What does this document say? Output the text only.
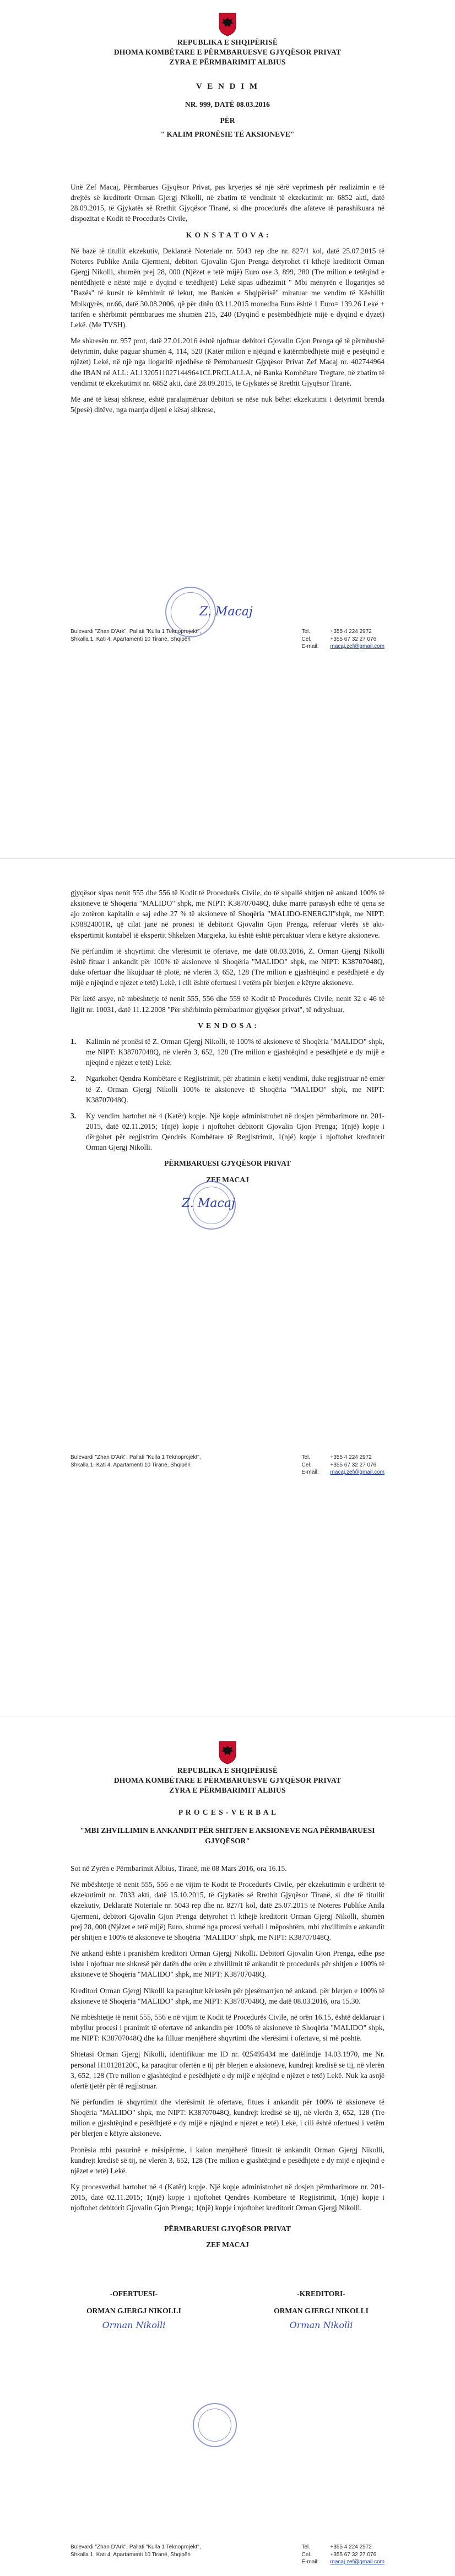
REPUBLIKA E SHQIPËRISË

DHOMA KOMBËTARE E PËRMBARUESVE GJYQËSOR PRIVAT

ZYRA E PËRMBARIMIT ALBIUS

V E N D I M
NR. 999, DATË 08.03.2016
PËR
" KALIM PRONËSIE TË AKSIONEVE"

Unë Zef Macaj, Përmbarues Gjyqësor Privat, pas kryerjes së një sërë veprimesh për realizimin e të drejtës së kreditorit Orman Gjergj Nikolli, në zbatim të vendimit të ekzekutimit nr. 6852 akti, datë 28.09.2015, të Gjykatës së Rrethit Gjyqësor Tiranë, si dhe procedurës dhe afateve të parashikuara në dispozitat e Kodit të Procedurës Civile,

K O N S T A T O V A :

Në bazë të titullit ekzekutiv, Deklaratë Noteriale nr. 5043 rep dhe nr. 827/1 kol, datë 25.07.2015 të Noteres Publike Anila Gjermeni, debitori Gjovalin Gjon Prenga detyrohet t'i kthejë kreditorit Orman Gjergj Nikolli, shumën prej 28, 000 (Njëzet e tetë mijë) Euro ose 3, 899, 280 (Tre milion e tetëqind e nëntëdhjetë e nëntë mijë e dyqind e tetëdhjetë) Lekë sipas udhëzimit " Mbi mënyrën e llogaritjes së "Bazës" të kursit të këmbimit të lekut, me Bankën e Shqipërisë" miratuar me vendim të Këshillit Mbikqyrës, nr.66, datë 30.08.2006, që për ditën 03.11.2015 monedha Euro është 1 Euro= 139.26 Lekë + tarifën e shërbimit përmbarues me shumën 215, 240 (Dyqind e pesëmbëdhjetë mijë e dyqind e dyzet) Lekë. (Me TVSH).

Me shkresën nr. 957 prot, datë 27.01.2016 është njoftuar debitori Gjovalin Gjon Prenga që të përmbushë detyrimin, duke paguar shumën 4, 114, 520 (Katër milion e njëqind e katërmbëdhjetë mijë e pesëqind e njëzet) Lekë, në një nga llogaritë rrjedhëse të Përmbaruesit Gjyqësor Privat Zef Macaj nr. 402744964 dhe IBAN në ALL: AL13205110271449641CLPRCLALLA, në Banka Kombëtare Tregtare, në zbatim të vendimit të ekzekutimit nr. 6852 akti, datë 28.09.2015, të Gjykatës së Rrethit Gjyqësor Tiranë.

Me anë të kësaj shkrese, është paralajmëruar debitori se nëse nuk bëhet ekzekutimi i detyrimit brenda 5(pesë) ditëve, nga marrja dijeni e kësaj shkrese,

Z. Macaj
Bulevardi "Zhan D'Ark", Pallati "Kulla 1 Teknoprojekt", Shkalla 1, Kati 4, Apartamenti 10 Tiranë, Shqipëri
Tel.	+355 4 224 2972
Cel.	+355 67 32 27 076
E-mail:	macaj.zef@gmail.com

gjyqësor sipas nenit 555 dhe 556 të Kodit të Procedurës Civile, do të shpallë shitjen në ankand 100% të aksioneve të Shoqëria "MALIDO" shpk, me NIPT: K38707048Q, duke marrë parasysh edhe të qena se ajo zotëron kapitalin e saj edhe 27 % të aksioneve të Shoqëria "MALIDO-ENERGJI"shpk, me NIPT: K98824001R, që cilat janë në pronësi të debitorit Gjovalin Gjon Prenga, referuar vlerës së akt-ekspertimit kontabël të ekspertit Shkelzen Margjeka, ku është është përcaktuar vlera e këtyre aksioneve.

Në përfundim të shqyrtimit dhe vlerësimit të ofertave, me datë 08.03.2016, Z. Orman Gjergj Nikolli është fituar i ankandit për 100% të aksioneve të Shoqëria "MALIDO" shpk, me NIPT: K38707048Q, duke ofertuar dhe likujduar të plotë, në vlerën 3, 652, 128 (Tre milion e gjashtëqind e pesëdhjetë e dy mijë e njëqind e njëzet e tetë) Lekë, i cili është ofertuesi i vetëm për blerjen e këtyre aksioneve.

Për këtë arsye, në mbështetje të nenit 555, 556 dhe 559 të Kodit të Procedurës Civile, nenit 32 e 46 të ligjit nr. 10031, datë 11.12.2008 "Për shërbimin përmbarimor gjyqësor privat", të ndryshuar,

V E N D O S A :

1.	Kalimin në pronësi të Z. Orman Gjergj Nikolli, të 100% të aksioneve të Shoqëria "MALIDO" shpk, me NIPT: K38707048Q, në vlerën 3, 652, 128 (Tre milion e gjashtëqind e pesëdhjetë e dy mijë e njëqind e njëzet e tetë) Lekë.
2.	Ngarkohet Qendra Kombëtare e Regjistrimit, për zbatimin e këtij vendimi, duke regjistruar në emër të Z. Orman Gjergj Nikolli 100% të aksioneve të Shoqëria "MALIDO" shpk, me NIPT: K38707048Q.
3.	Ky vendim hartohet në 4 (Katër) kopje. Një kopje administrohet në dosjen përmbarimore nr. 201-2015, datë 02.11.2015; 1(një) kopje i njoftohet debitorit Gjovalin Gjon Prenga; 1(një) kopje i dërgohet për regjistrim Qendrës Kombëtare të Regjistrimit, 1(një) kopje i njoftohet kreditorit Orman Gjergj Nikolli.

PËRMBARUESI GJYQËSOR PRIVAT

ZEF MACAJ

Z. Macaj
Bulevardi "Zhan D'Ark", Pallati "Kulla 1 Teknoprojekt", Shkalla 1, Kati 4, Apartamenti 10 Tiranë, Shqipëri
Tel.	+355 4 224 2972
Cel.	+355 67 32 27 076
E-mail:	macaj.zef@gmail.com

REPUBLIKA E SHQIPËRISË

DHOMA KOMBËTARE E PËRMBARUESVE GJYQËSOR PRIVAT

ZYRA E PËRMBARIMIT ALBIUS

P R O C E S - V E R B A L
"MBI ZHVILLIMIN E ANKANDIT PËR SHITJEN E AKSIONEVE NGA PËRMBARUESI GJYQËSOR"

Sot në Zyrën e Përmbarimit Albius, Tiranë, më 08 Mars 2016, ora 16.15.

Në mbështetje të nenit 555, 556 e në vijim të Kodit të Procedurës Civile, për ekzekutimin e urdhërit të ekzekutimit nr. 7033 akti, datë 15.10.2015, të Gjykatës së Rrethit Gjyqësor Tiranë, si dhe të titullit ekzekutiv, Deklaratë Noteriale nr. 5043 rep dhe nr. 827/1 kol, datë 25.07.2015 të Noteres Publike Anila Gjermeni, debitori Gjovalin Gjon Prenga detyrohet t'i kthejë kreditorit Orman Gjergj Nikolli, shumën prej 28, 000 (Njëzet e tetë mijë) Euro, shumë nga procesi verbali i mëposhtëm, mbi zhvillimin e ankandit për shitjen e 100% të aksioneve të Shoqëria "MALIDO" shpk, me NIPT: K38707048Q.

Në ankand është i pranishëm kreditori Orman Gjergj Nikolli. Debitori Gjovalin Gjon Prenga, edhe pse ishte i njoftuar me shkresë për datën dhe orën e zhvillimit të ankandit të procedurës për shitjen e 100% të aksioneve të Shoqëria "MALIDO" shpk, me NIPT: K38707048Q.

Kreditori Orman Gjergj Nikolli ka paraqitur kërkesën për pjesëmarrjen në ankand, për blerjen e 100% të aksioneve të Shoqëria "MALIDO" shpk, me NIPT: K38707048Q, me datë 08.03.2016, ora 15.30.

Në mbështetje të nenit 555, 556 e në vijim të Kodit të Procedurës Civile, në orën 16.15, është deklaruar i mbyllur procesi i pranimit të ofertave në ankandin për 100% të aksioneve të Shoqëria "MALIDO" shpk, me NIPT: K38707048Q dhe ka filluar menjëherë shqyrtimi dhe vlerësimi i ofertave, si më poshtë.

Shtetasi Orman Gjergj Nikolli, identifikuar me ID nr. 025495434 me datëlindje 14.03.1970, me Nr. personal H10128120C, ka paraqitur ofertën e tij për blerjen e aksioneve, kundrejt kredisë së tij, në vlerën 3, 652, 128 (Tre milion e gjashtëqind e pesëdhjetë e dy mijë e njëqind e njëzet e tetë) Lekë. Nuk ka asnjë ofertë tjetër për të regjistruar.

Në përfundim të shqyrtimit dhe vlerësimit të ofertave, fitues i ankandit për 100% të aksioneve të Shoqëria "MALIDO" shpk, me NIPT: K38707048Q, kundrejt kredisë së tij, në vlerën 3, 652, 128 (Tre milion e gjashtëqind e pesëdhjetë e dy mijë e njëqind e njëzet e tetë) Lekë, i cili është ofertuesi i vetëm për blerjen e këtyre aksioneve.

Pronësia mbi pasurinë e mësipërme, i kalon menjëherë fituesit të ankandit Orman Gjergj Nikolli, kundrejt kredisë së tij, në vlerën 3, 652, 128 (Tre milion e gjashtëqind e pesëdhjetë e dy mijë e njëqind e njëzet e tetë) Lekë.

Ky procesverbal hartohet në 4 (Katër) kopje. Një kopje administrohet në dosjen përmbarimore nr. 201-2015, datë 02.11.2015; 1(një) kopje i njoftohet Qendrës Kombëtare të Regjistrimit, 1(një) kopje i njoftohet debitorit Gjovalin Gjon Prenga; 1(një) kopje i njoftohet kreditorit Orman Gjergj Nikolli.

PËRMBARUESI GJYQËSOR PRIVAT

ZEF MACAJ

-OFERTUESI-
ORMAN GJERGJ NIKOLLI
Orman Nikolli
-KREDITORI-
ORMAN GJERGJ NIKOLLI
Orman Nikolli
Bulevardi "Zhan D'Ark", Pallati "Kulla 1 Teknoprojekt", Shkalla 1, Kati 4, Apartamenti 10 Tiranë, Shqipëri
Tel.	+355 4 224 2972
Cel.	+355 67 32 27 076
E-mail:	macaj.zef@gmail.com
